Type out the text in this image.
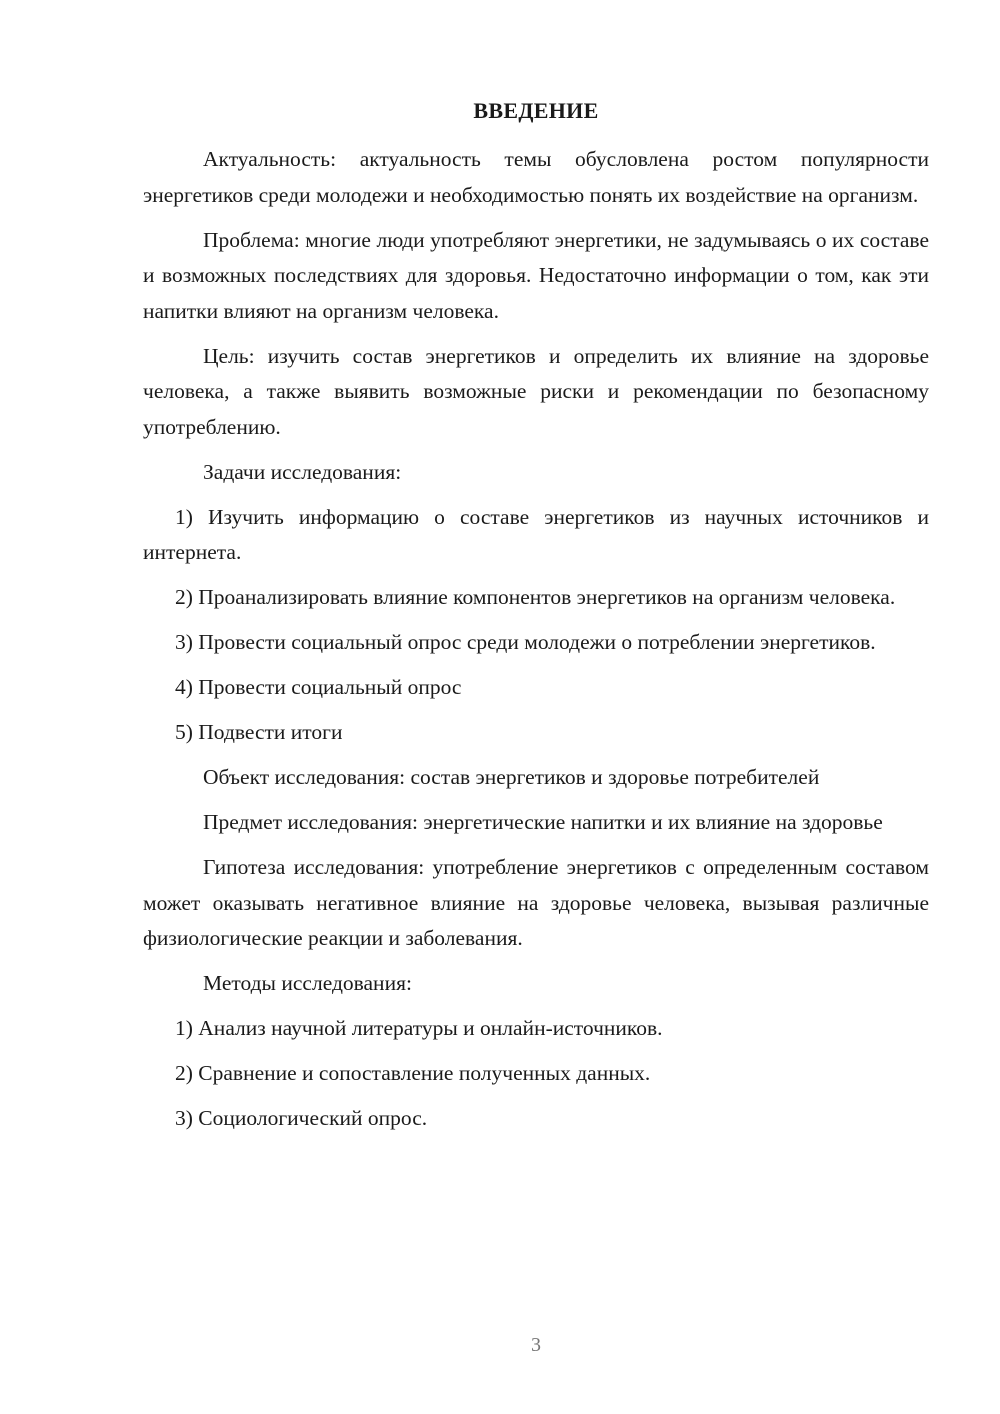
ВВЕДЕНИЕ

Актуальность: актуальность темы обусловлена ростом популярности энергетиков среди молодежи и необходимостью понять их воздействие на организм.

Проблема: многие люди употребляют энергетики, не задумываясь о их составе и возможных последствиях для здоровья. Недостаточно информации о том, как эти напитки влияют на организм человека.

Цель: изучить состав энергетиков и определить их влияние на здоровье человека, а также выявить возможные риски и рекомендации по безопасному употреблению.

Задачи исследования:

1) Изучить информацию о составе энергетиков из научных источников и интернета.

2) Проанализировать влияние компонентов энергетиков на организм человека.

3) Провести социальный опрос среди молодежи о потреблении энергетиков.

4) Провести социальный опрос

5) Подвести итоги

Объект исследования: состав энергетиков и здоровье потребителей

Предмет исследования: энергетические напитки и их влияние на здоровье

Гипотеза исследования: употребление энергетиков с определенным составом может оказывать негативное влияние на здоровье человека, вызывая различные физиологические реакции и заболевания.

Методы исследования:

1) Анализ научной литературы и онлайн-источников.

2) Сравнение и сопоставление полученных данных.

3) Социологический опрос.

3
